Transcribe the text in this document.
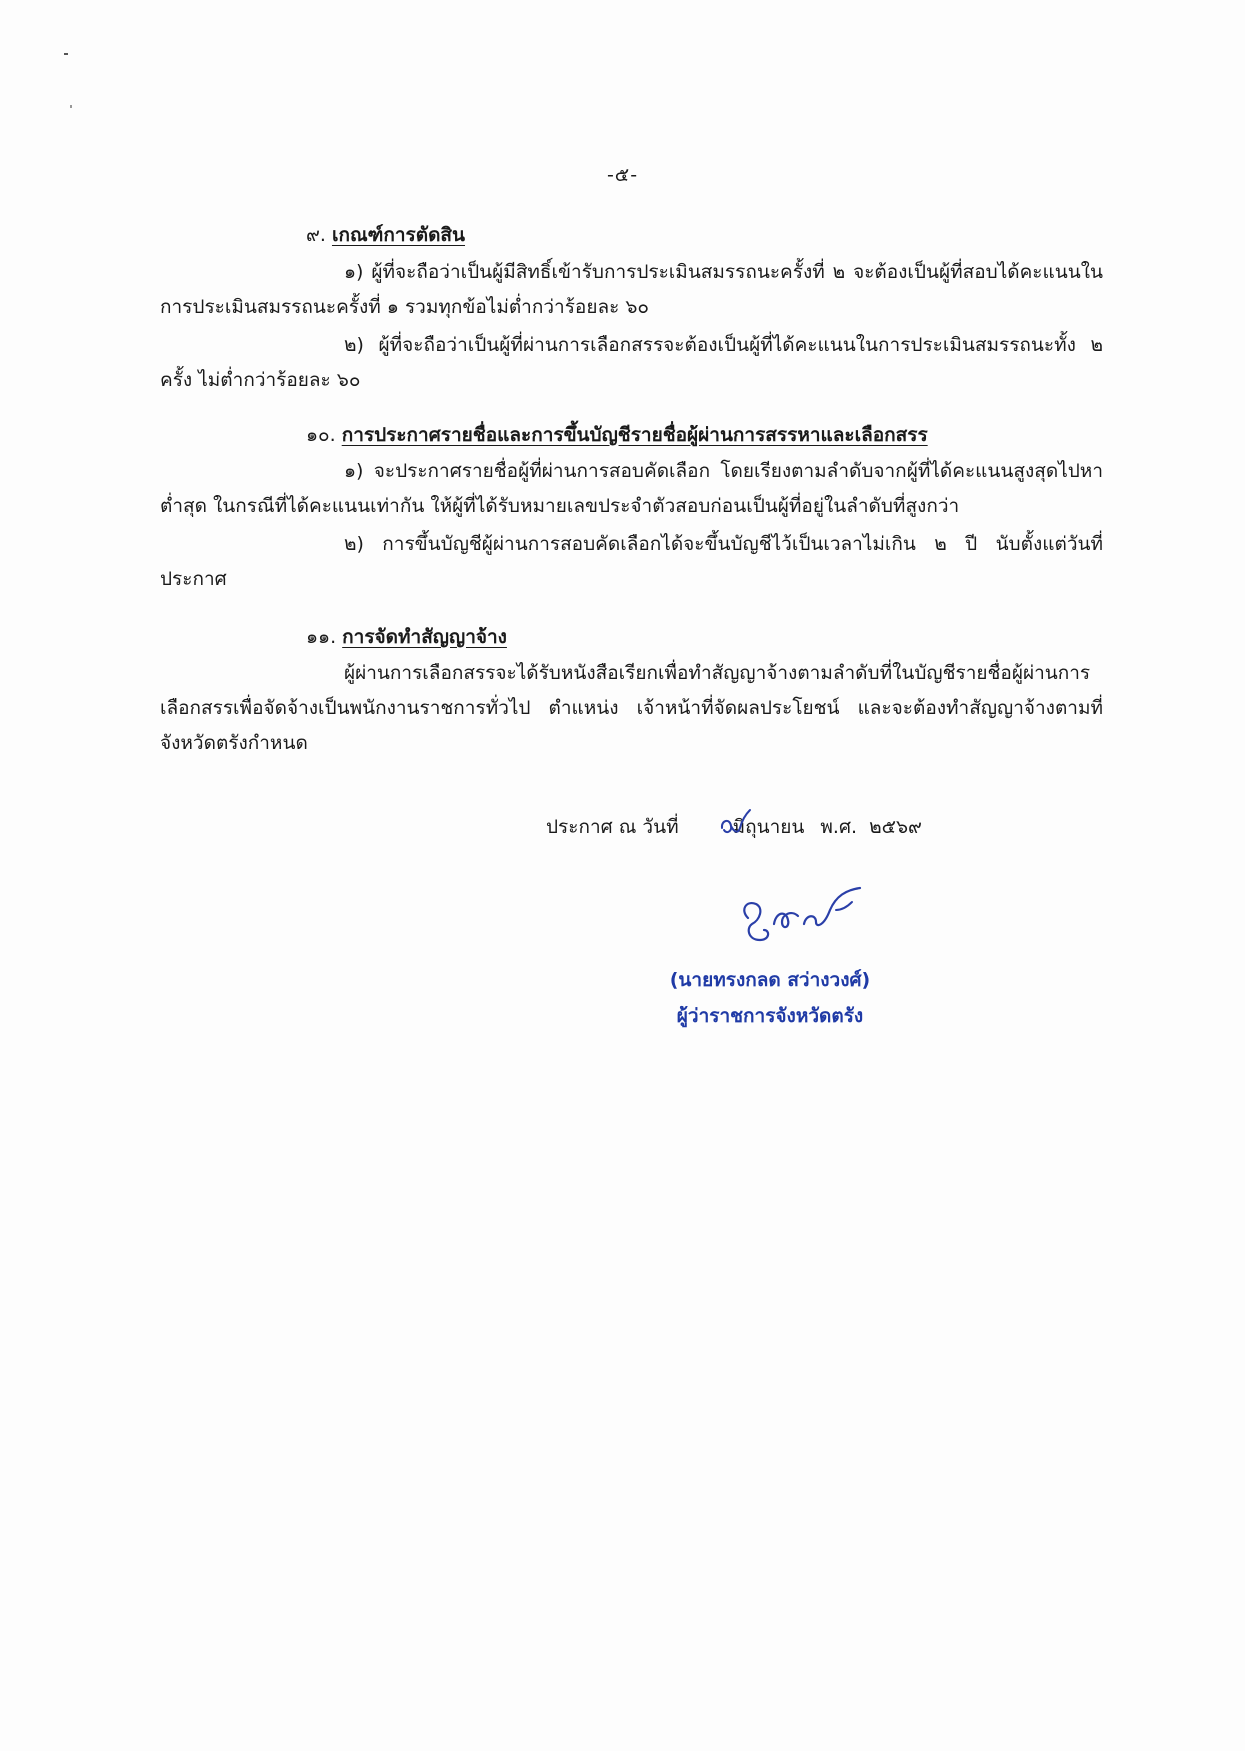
-๕-
๙. เกณฑ์การตัดสิน
๑) ผู้ที่จะถือว่าเป็นผู้มีสิทธิ์เข้ารับการประเมินสมรรถนะครั้งที่ ๒ จะต้องเป็นผู้ที่สอบได้คะแนนในการประเมินสมรรถนะครั้งที่ ๑ รวมทุกข้อไม่ต่ำกว่าร้อยละ ๖๐
๒) ผู้ที่จะถือว่าเป็นผู้ที่ผ่านการเลือกสรรจะต้องเป็นผู้ที่ได้คะแนนในการประเมินสมรรถนะทั้ง ๒ ครั้ง ไม่ต่ำกว่าร้อยละ ๖๐
๑๐. การประกาศรายชื่อและการขึ้นบัญชีรายชื่อผู้ผ่านการสรรหาและเลือกสรร
๑) จะประกาศรายชื่อผู้ที่ผ่านการสอบคัดเลือก โดยเรียงตามลำดับจากผู้ที่ได้คะแนนสูงสุดไปหาต่ำสุด ในกรณีที่ได้คะแนนเท่ากัน ให้ผู้ที่ได้รับหมายเลขประจำตัวสอบก่อนเป็นผู้ที่อยู่ในลำดับที่สูงกว่า
๒) การขึ้นบัญชีผู้ผ่านการสอบคัดเลือกได้จะขึ้นบัญชีไว้เป็นเวลาไม่เกิน ๒ ปี นับตั้งแต่วันที่ประกาศ
๑๑. การจัดทำสัญญาจ้าง
ผู้ผ่านการเลือกสรรจะได้รับหนังสือเรียกเพื่อทำสัญญาจ้างตามลำดับที่ในบัญชีรายชื่อผู้ผ่านการเลือกสรรเพื่อจัดจ้างเป็นพนักงานราชการทั่วไป ตำแหน่ง เจ้าหน้าที่จัดผลประโยชน์ และจะต้องทำสัญญาจ้างตามที่จังหวัดตรังกำหนด
ประกาศ ณ วันที่	มิถุนายน พ.ศ. ๒๕๖๙
(นายทรงกลด สว่างวงศ์)
ผู้ว่าราชการจังหวัดตรัง
